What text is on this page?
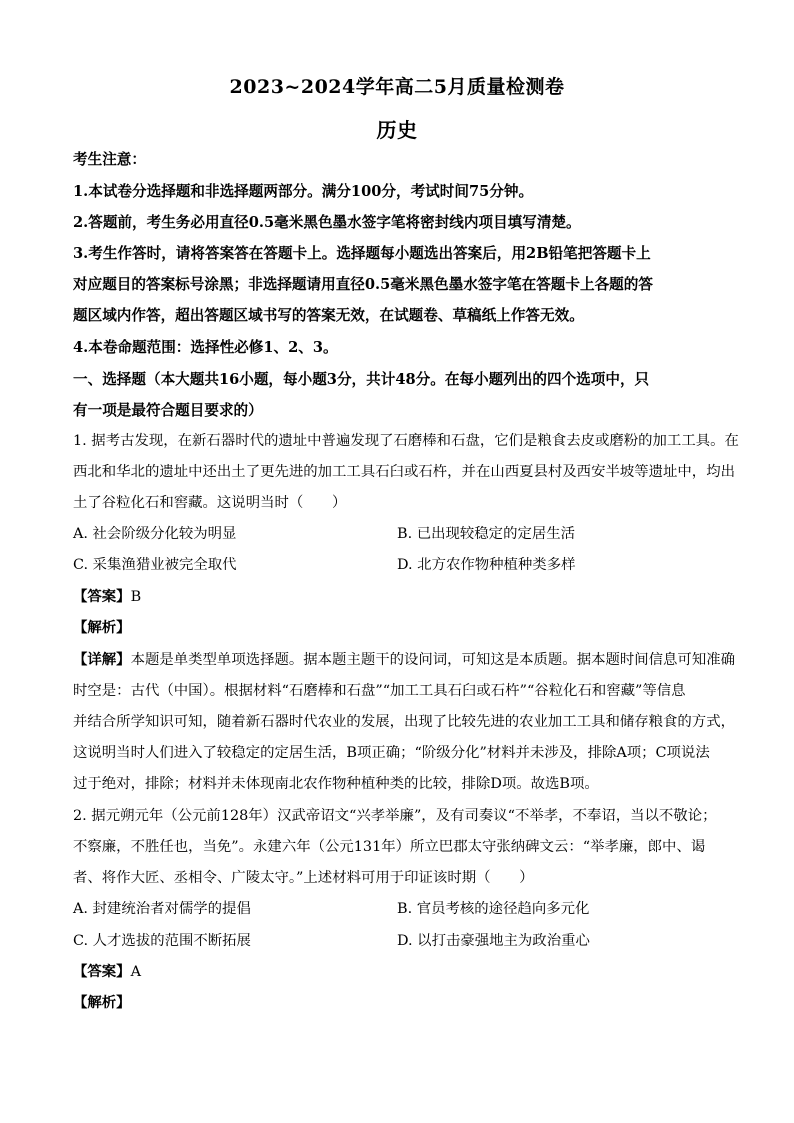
2023~2024学年高二5月质量检测卷
历史
考生注意：
1.本试卷分选择题和非选择题两部分。满分100分，考试时间75分钟。
2.答题前，考生务必用直径0.5毫米黑色墨水签字笔将密封线内项目填写清楚。
3.考生作答时，请将答案答在答题卡上。选择题每小题选出答案后，用2B铅笔把答题卡上
对应题目的答案标号涂黑；非选择题请用直径0.5毫米黑色墨水签字笔在答题卡上各题的答
题区域内作答，超出答题区域书写的答案无效，在试题卷、草稿纸上作答无效。
4.本卷命题范围：选择性必修1、2、3。
一、选择题（本大题共16小题，每小题3分，共计48分。在每小题列出的四个选项中，只
有一项是最符合题目要求的）
1. 据考古发现，在新石器时代的遗址中普遍发现了石磨棒和石盘，它们是粮食去皮或磨粉的加工工具。在
西北和华北的遗址中还出土了更先进的加工工具石臼或石杵，并在山西夏县村及西安半坡等遗址中，均出
土了谷粒化石和窖藏。这说明当时（　　）
A. 社会阶级分化较为明显	B. 已出现较稳定的定居生活
C. 采集渔猎业被完全取代	D. 北方农作物种植种类多样
【答案】B
【解析】
【详解】本题是单类型单项选择题。据本题主题干的设问词，可知这是本质题。据本题时间信息可知准确
时空是：古代（中国）。根据材料“石磨棒和石盘”“加工工具石臼或石杵”“谷粒化石和窖藏”等信息
并结合所学知识可知，随着新石器时代农业的发展，出现了比较先进的农业加工工具和储存粮食的方式，
这说明当时人们进入了较稳定的定居生活，B项正确；“阶级分化”材料并未涉及，排除A项；C项说法
过于绝对，排除；材料并未体现南北农作物种植种类的比较，排除D项。故选B项。
2. 据元朔元年（公元前128年）汉武帝诏文“兴孝举廉”，及有司奏议“不举孝，不奉诏，当以不敬论；
不察廉，不胜任也，当免”。永建六年（公元131年）所立巴郡太守张纳碑文云：“举孝廉，郎中、谒
者、将作大匠、丞相令、广陵太守。”上述材料可用于印证该时期（　　）
A. 封建统治者对儒学的提倡	B. 官员考核的途径趋向多元化
C. 人才选拔的范围不断拓展	D. 以打击豪强地主为政治重心
【答案】A
【解析】
